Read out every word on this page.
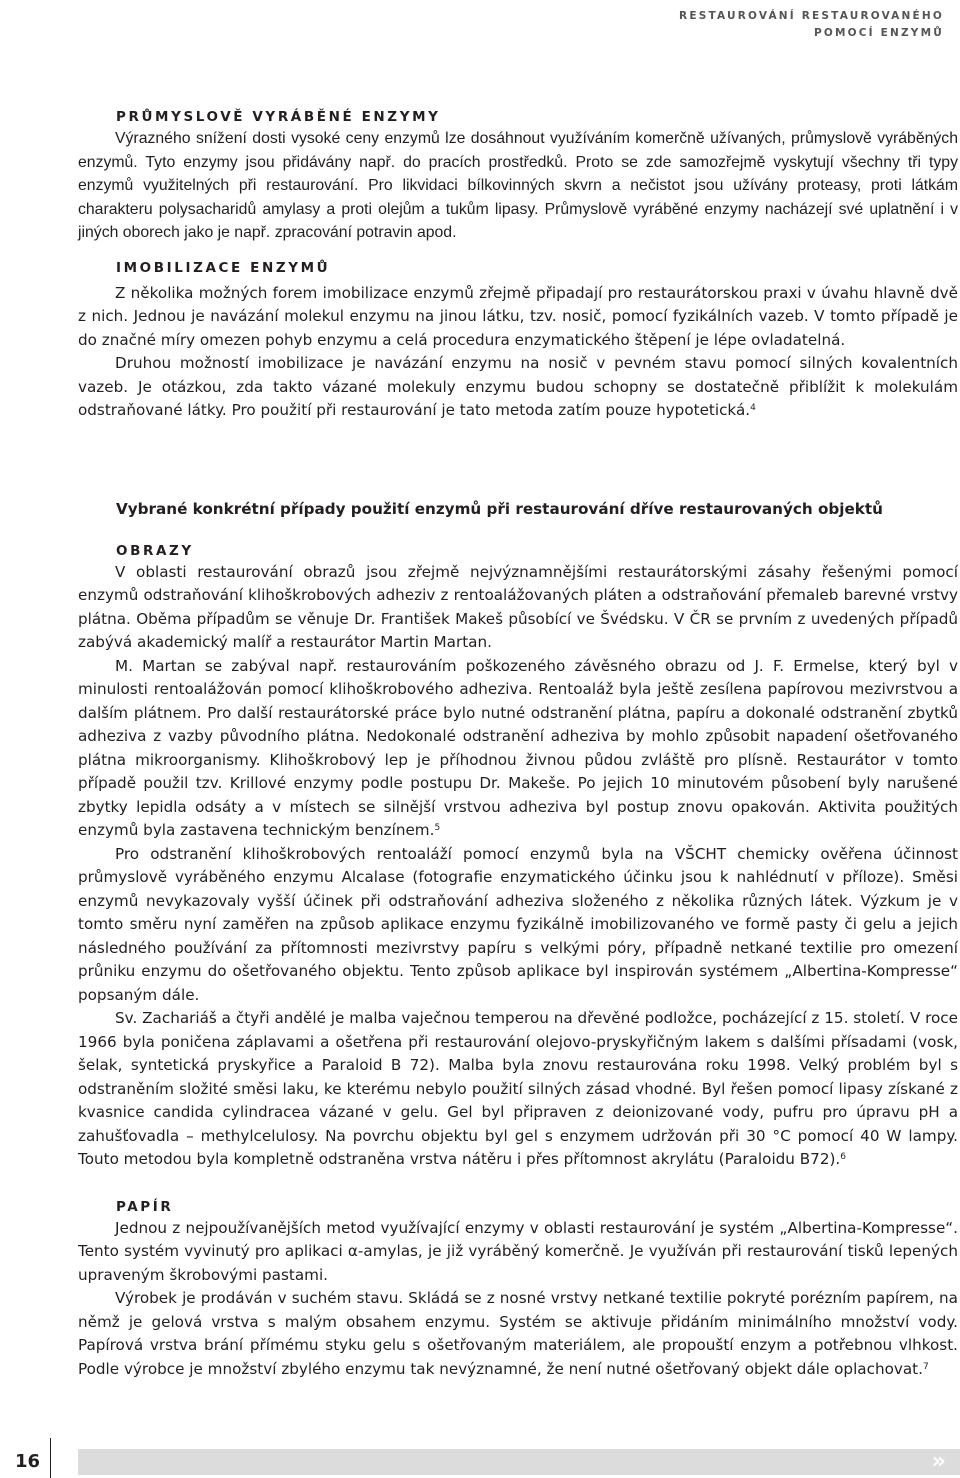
RESTAUROVÁNÍ RESTAUROVANÉHO
POMOCÍ ENZYMŮ
PRŮMYSLOVĚ VYRÁBĚNÉ ENZYMY

Výrazného snížení dosti vysoké ceny enzymů lze dosáhnout využíváním komerčně užívaných, průmyslově vyráběných enzymů. Tyto enzymy jsou přidávány např. do pracích prostředků. Proto se zde samozřejmě vyskytují všechny tři typy enzymů využitelných při restaurování. Pro likvidaci bílkovinných skvrn a nečistot jsou užívány proteasy, proti látkám charakteru polysacharidů amylasy a proti olejům a tukům lipasy. Průmyslově vyráběné enzymy nacházejí své uplatnění i v jiných oborech jako je např. zpracování potravin apod.

IMOBILIZACE ENZYMŮ

Z několika možných forem imobilizace enzymů zřejmě připadají pro restaurátorskou praxi v úvahu hlavně dvě z nich. Jednou je navázání molekul enzymu na jinou látku, tzv. nosič, pomocí fyzikálních vazeb. V tomto případě je do značné míry omezen pohyb enzymu a celá procedura enzymatického štěpení je lépe ovladatelná.

Druhou možností imobilizace je navázání enzymu na nosič v pevném stavu pomocí silných kovalentních vazeb. Je otázkou, zda takto vázané molekuly enzymu budou schopny se dostatečně přiblížit k molekulám odstraňované látky. Pro použití při restaurování je tato metoda zatím pouze hypotetická.$^4$

Vybrané konkrétní případy použití enzymů při restaurování dříve restaurovaných objektů
OBRAZY

V oblasti restaurování obrazů jsou zřejmě nejvýznamnějšími restaurátorskými zásahy řešenými pomocí enzymů odstraňování klihoškrobových adheziv z rentoalážovaných pláten a odstraňování přemaleb barevné vrstvy plátna. Oběma případům se věnuje Dr. František Makeš působící ve Švédsku. V ČR se prvním z uvedených případů zabývá akademický malíř a restaurátor Martin Martan.

M. Martan se zabýval např. restaurováním poškozeného závěsného obrazu od J. F. Ermelse, který byl v minulosti rentoalážován pomocí klihoškrobového adheziva. Rentoaláž byla ještě zesílena papírovou mezivrstvou a dalším plátnem. Pro další restaurátorské práce bylo nutné odstranění plátna, papíru a dokonalé odstranění zbytků adheziva z vazby původního plátna. Nedokonalé odstranění adheziva by mohlo způsobit napadení ošetřovaného plátna mikroorganismy. Klihoškrobový lep je příhodnou živnou půdou zvláště pro plísně. Restaurátor v tomto případě použil tzv. Krillové enzymy podle postupu Dr. Makeše. Po jejich 10 minutovém působení byly narušené zbytky lepidla odsáty a v místech se silnější vrstvou adheziva byl postup znovu opakován. Aktivita použitých enzymů byla zastavena technickým benzínem.$^5$

Pro odstranění klihoškrobových rentoaláží pomocí enzymů byla na VŠCHT chemicky ověřena účinnost průmyslově vyráběného enzymu Alcalase (fotografie enzymatického účinku jsou k nahlédnutí v příloze). Směsi enzymů nevykazovaly vyšší účinek při odstraňování adheziva složeného z několika různých látek. Výzkum je v tomto směru nyní zaměřen na způsob aplikace enzymu fyzikálně imobilizovaného ve formě pasty či gelu a jejich následného používání za přítomnosti mezivrstvy papíru s velkými póry, případně netkané textilie pro omezení průniku enzymu do ošetřovaného objektu. Tento způsob aplikace byl inspirován systémem „Albertina-Kompresse“ popsaným dále.

Sv. Zachariáš a čtyři andělé je malba vaječnou temperou na dřevěné podložce, pocházející z 15. století. V roce 1966 byla poničena záplavami a ošetřena při restaurování olejovo-pryskyřičným lakem s dalšími přísadami (vosk, šelak, syntetická pryskyřice a Paraloid B 72). Malba byla znovu restaurována roku 1998. Velký problém byl s odstraněním složité směsi laku, ke kterému nebylo použití silných zásad vhodné. Byl řešen pomocí lipasy získané z kvasnice candida cylindracea vázané v gelu. Gel byl připraven z deionizované vody, pufru pro úpravu pH a zahušťovadla – methylcelulosy. Na povrchu objektu byl gel s enzymem udržován při 30 °C pomocí 40 W lampy. Touto metodou byla kompletně odstraněna vrstva nátěru i přes přítomnost akrylátu (Paraloidu B72).$^6$

PAPÍR

Jednou z nejpoužívanějších metod využívající enzymy v oblasti restaurování je systém „Albertina-Kompresse“. Tento systém vyvinutý pro aplikaci α-amylas, je již vyráběný komerčně. Je využíván při restaurování tisků lepených upraveným škrobovými pastami.

Výrobek je prodáván v suchém stavu. Skládá se z nosné vrstvy netkané textilie pokryté porézním papírem, na němž je gelová vrstva s malým obsahem enzymu. Systém se aktivuje přidáním minimálního množství vody. Papírová vrstva brání přímému styku gelu s ošetřovaným materiálem, ale propouští enzym a potřebnou vlhkost. Podle výrobce je množství zbylého enzymu tak nevýznamné, že není nutné ošetřovaný objekt dále oplachovat.$^7$

16	»
